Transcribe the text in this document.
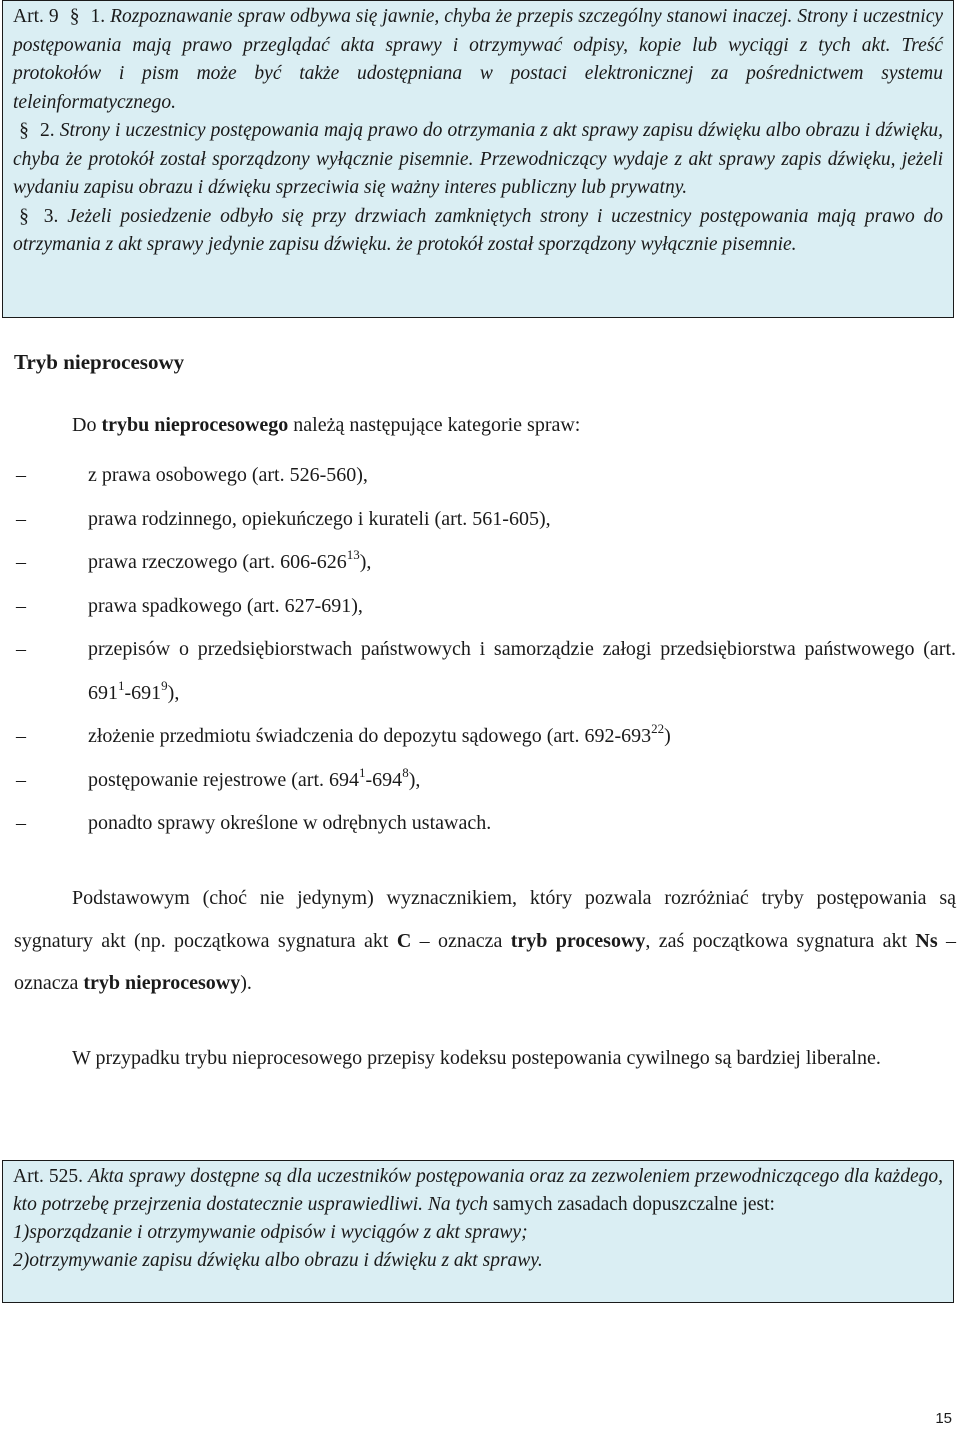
Art. 9 § 1. Rozpoznawanie spraw odbywa się jawnie, chyba że przepis szczególny stanowi inaczej. Strony i uczestnicy postępowania mają prawo przeglądać akta sprawy i otrzymywać odpisy, kopie lub wyciągi z tych akt. Treść protokołów i pism może być także udostępniana w postaci elektronicznej za pośrednictwem systemu teleinformatycznego.

§ 2. Strony i uczestnicy postępowania mają prawo do otrzymania z akt sprawy zapisu dźwięku albo obrazu i dźwięku, chyba że protokół został sporządzony wyłącznie pisemnie. Przewodniczący wydaje z akt sprawy zapis dźwięku, jeżeli wydaniu zapisu obrazu i dźwięku sprzeciwia się ważny interes publiczny lub prywatny.

§ 3. Jeżeli posiedzenie odbyło się przy drzwiach zamkniętych strony i uczestnicy postępowania mają prawo do otrzymania z akt sprawy jedynie zapisu dźwięku. że protokół został sporządzony wyłącznie pisemnie.

Tryb nieprocesowy

Do trybu nieprocesowego należą następujące kategorie spraw:

–	z prawa osobowego (art. 526-560),
–	prawa rodzinnego, opiekuńczego i kurateli (art. 561-605),
–	prawa rzeczowego (art. $606-626^{13}$),
–	prawa spadkowego (art. 627-691),
–	przepisów o przedsiębiorstwach państwowych i samorządzie załogi przedsiębiorstwa państwowego (art. $691^1-691^9$),
–	złożenie przedmiotu świadczenia do depozytu sądowego (art. $692-693^{22}$)
–	postępowanie rejestrowe (art. $694^1-694^8$),
–	ponadto sprawy określone w odrębnych ustawach.

Podstawowym (choć nie jedynym) wyznacznikiem, który pozwala rozróżniać tryby postępowania są sygnatury akt (np. początkowa sygnatura akt C – oznacza tryb procesowy, zaś początkowa sygnatura akt Ns – oznacza tryb nieprocesowy).

W przypadku trybu nieprocesowego przepisy kodeksu postepowania cywilnego są bardziej liberalne.

Art. 525. Akta sprawy dostępne są dla uczestników postępowania oraz za zezwoleniem przewodniczącego dla każdego, kto potrzebę przejrzenia dostatecznie usprawiedliwi. Na tych samych zasadach dopuszczalne jest:

1)sporządzanie i otrzymywanie odpisów i wyciągów z akt sprawy;

2)otrzymywanie zapisu dźwięku albo obrazu i dźwięku z akt sprawy.

15
